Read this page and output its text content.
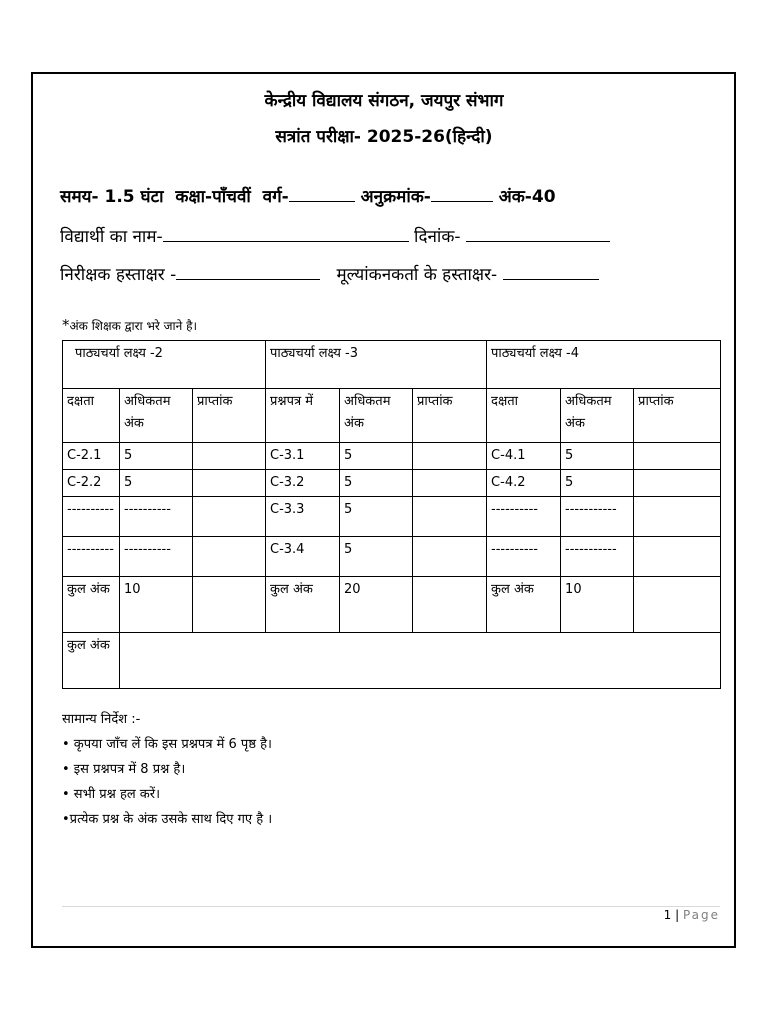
केन्द्रीय विद्यालय संगठन, जयपुर संभाग
सत्रांत परीक्षा- 2025-26(हिन्दी)
समय- 1.5 घंटा कक्षा-पाँचवीं वर्ग-	अनुक्रमांक-	अंक-40
विद्यार्थी का नाम-	दिनांक-
निरीक्षक हस्ताक्षर -	मूल्यांकनकर्ता के हस्ताक्षर-
*अंक शिक्षक द्वारा भरे जाने है।
पाठ्यचर्या लक्ष्य -2			पाठ्यचर्या लक्ष्य -3			पाठ्यचर्या लक्ष्य -4		
दक्षता	अधिकतम अंक	प्राप्तांक	प्रश्नपत्र में	अधिकतम अंक	प्राप्तांक	दक्षता	अधिकतम अंक	प्राप्तांक
C-2.1	5		C-3.1	5		C-4.1	5	
C-2.2	5		C-3.2	5		C-4.2	5	
----------	----------		C-3.3	5		----------	-----------	
----------	----------		C-3.4	5		----------	-----------	
कुल अंक	10		कुल अंक	20		कुल अंक	10	
कुल अंक								
सामान्य निर्देश :-
• कृपया जाँच लें कि इस प्रश्नपत्र में 6 पृष्ठ है।
• इस प्रश्नपत्र में 8 प्रश्न है।
• सभी प्रश्न हल करें।
•प्रत्येक प्रश्न के अंक उसके साथ दिए गए है ।
1 | Page
